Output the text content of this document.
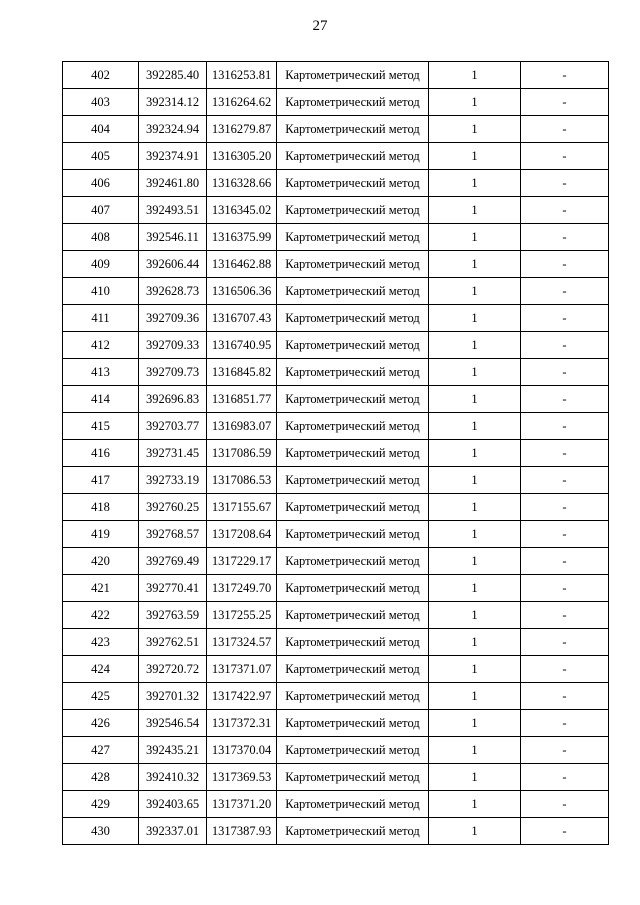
27
402	392285.40	1316253.81	Картометрический метод	1	-
403	392314.12	1316264.62	Картометрический метод	1	-
404	392324.94	1316279.87	Картометрический метод	1	-
405	392374.91	1316305.20	Картометрический метод	1	-
406	392461.80	1316328.66	Картометрический метод	1	-
407	392493.51	1316345.02	Картометрический метод	1	-
408	392546.11	1316375.99	Картометрический метод	1	-
409	392606.44	1316462.88	Картометрический метод	1	-
410	392628.73	1316506.36	Картометрический метод	1	-
411	392709.36	1316707.43	Картометрический метод	1	-
412	392709.33	1316740.95	Картометрический метод	1	-
413	392709.73	1316845.82	Картометрический метод	1	-
414	392696.83	1316851.77	Картометрический метод	1	-
415	392703.77	1316983.07	Картометрический метод	1	-
416	392731.45	1317086.59	Картометрический метод	1	-
417	392733.19	1317086.53	Картометрический метод	1	-
418	392760.25	1317155.67	Картометрический метод	1	-
419	392768.57	1317208.64	Картометрический метод	1	-
420	392769.49	1317229.17	Картометрический метод	1	-
421	392770.41	1317249.70	Картометрический метод	1	-
422	392763.59	1317255.25	Картометрический метод	1	-
423	392762.51	1317324.57	Картометрический метод	1	-
424	392720.72	1317371.07	Картометрический метод	1	-
425	392701.32	1317422.97	Картометрический метод	1	-
426	392546.54	1317372.31	Картометрический метод	1	-
427	392435.21	1317370.04	Картометрический метод	1	-
428	392410.32	1317369.53	Картометрический метод	1	-
429	392403.65	1317371.20	Картометрический метод	1	-
430	392337.01	1317387.93	Картометрический метод	1	-
